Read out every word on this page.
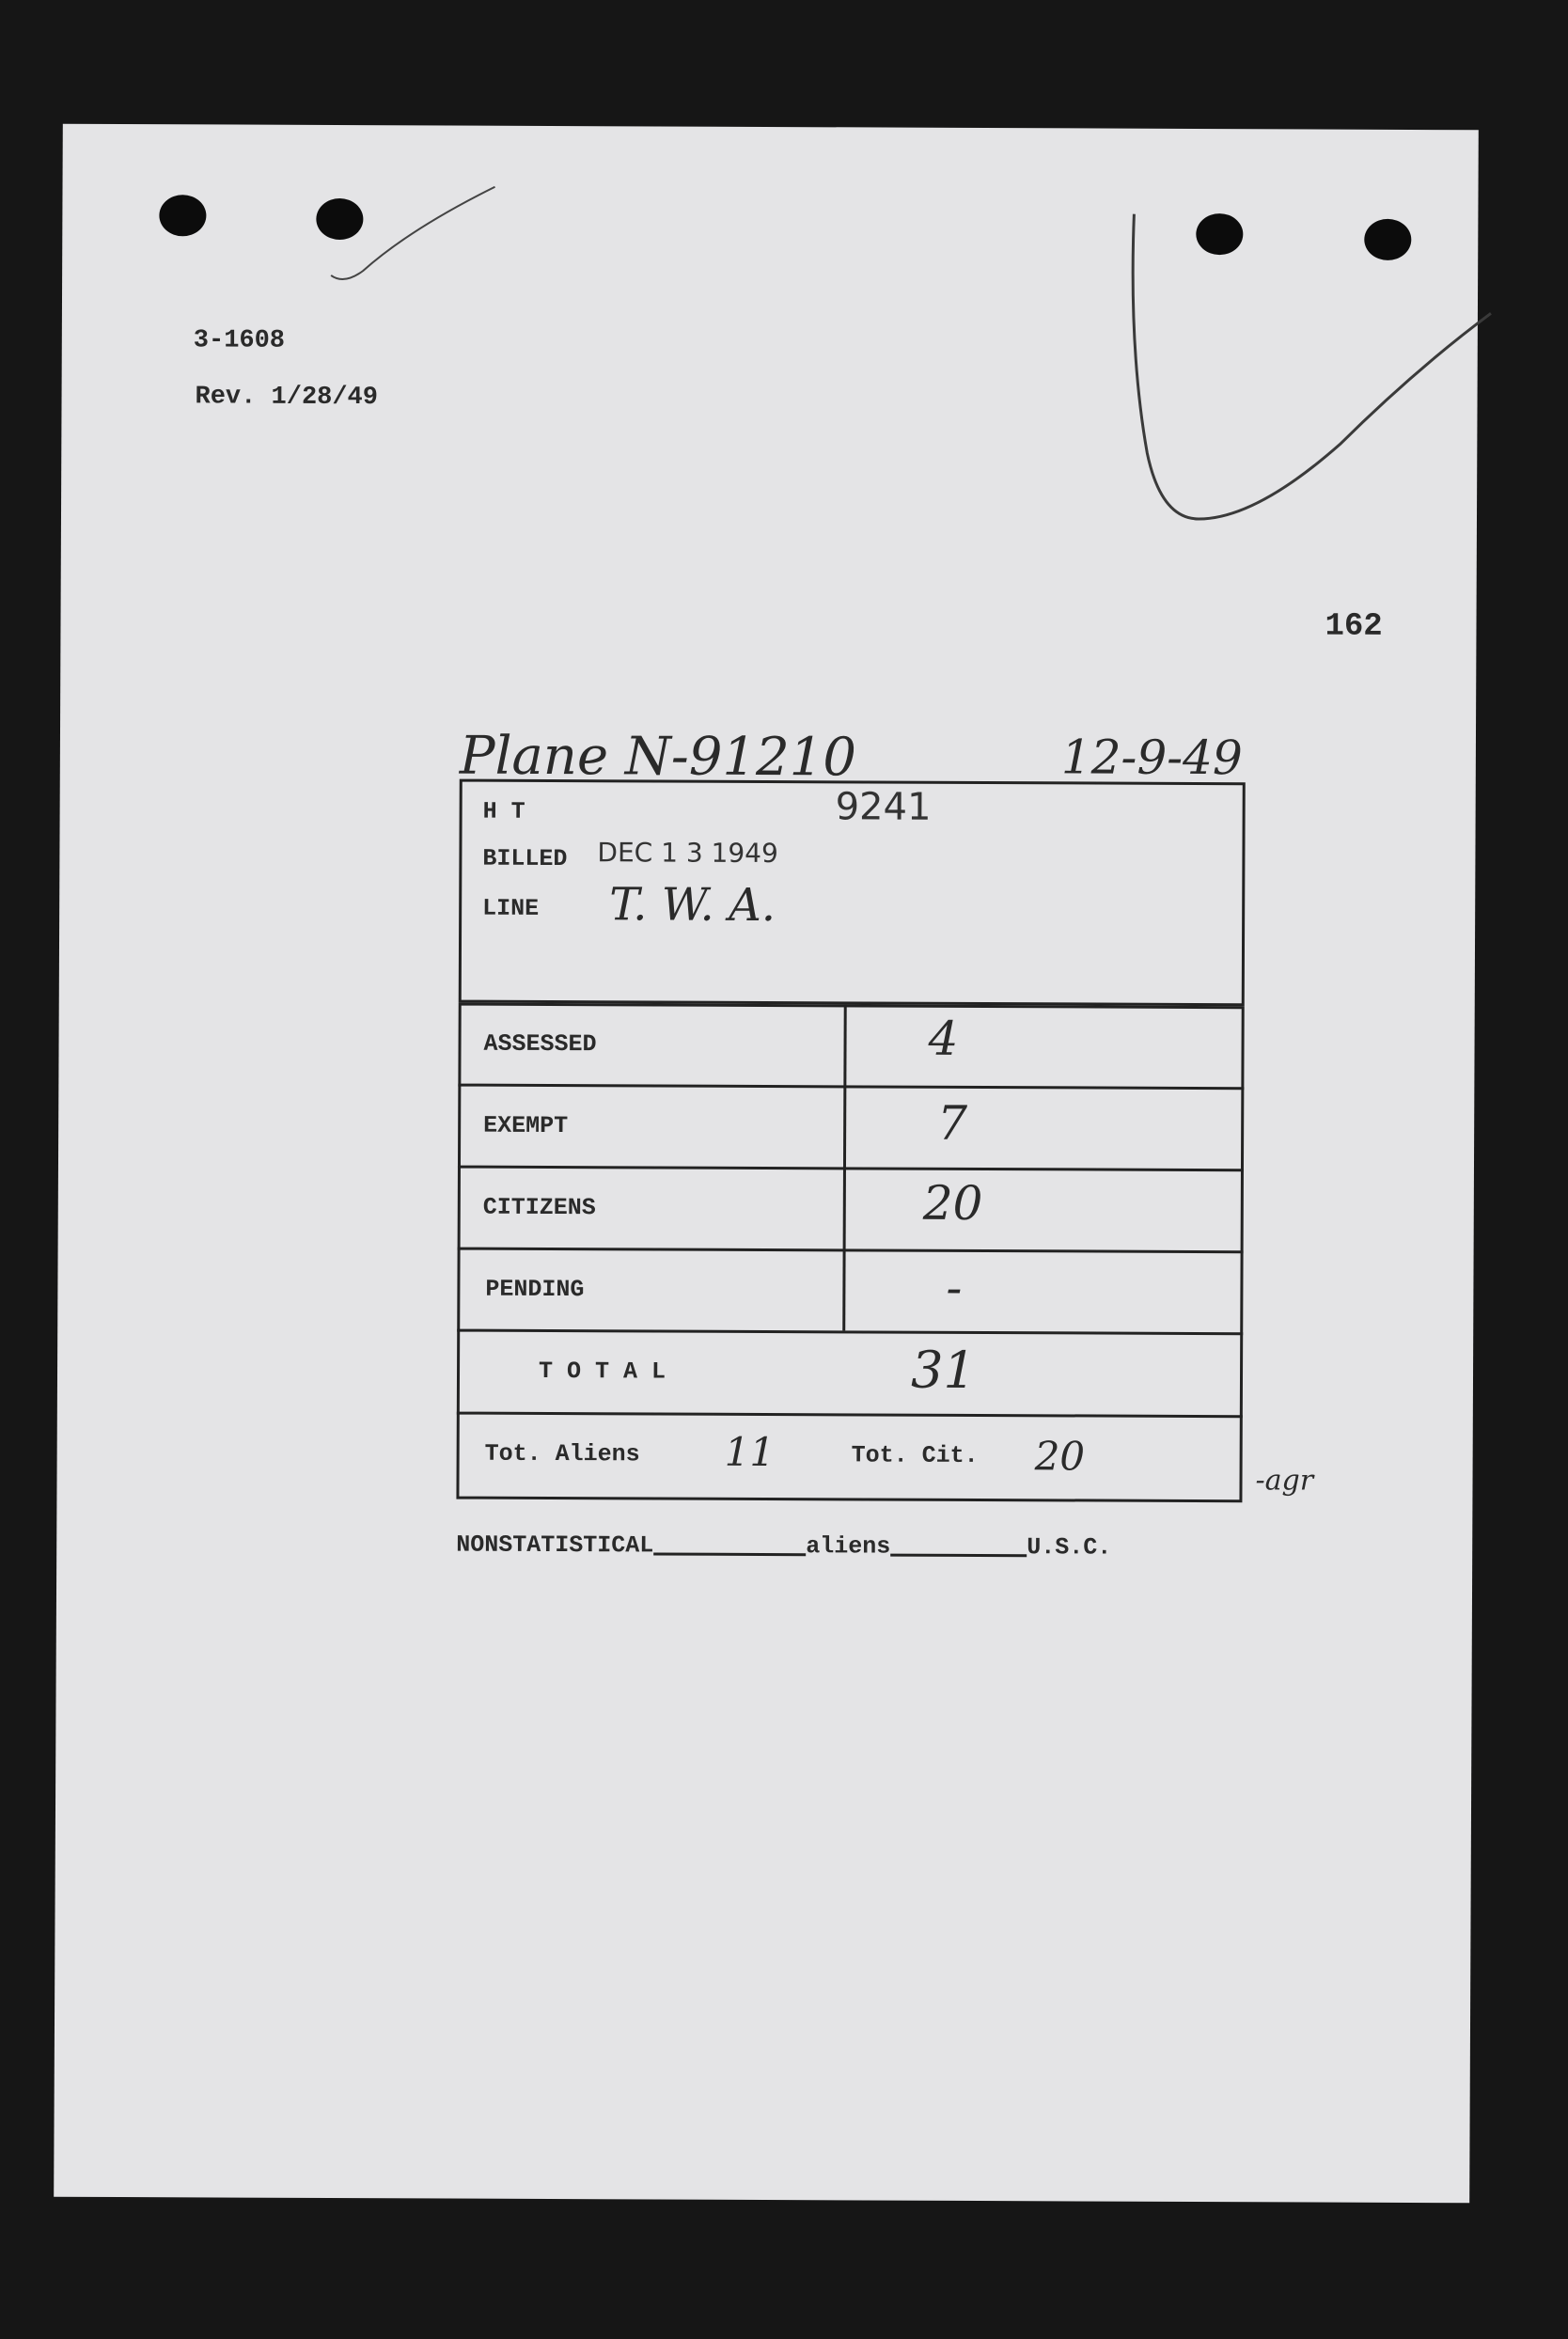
3-1608
Rev. 1/28/49
162
Plane N-91210	12-9-49
H T	9241
BILLED DEC 1 3 1949
LINE T. W. A.
ASSESSED	4
EXEMPT	7
CITIZENS	20
PENDING	-
T O T A L	31
Tot. Aliens 11	Tot. Cit. 20
-agr
NONSTATISTICAL	aliens	U.S.C.
